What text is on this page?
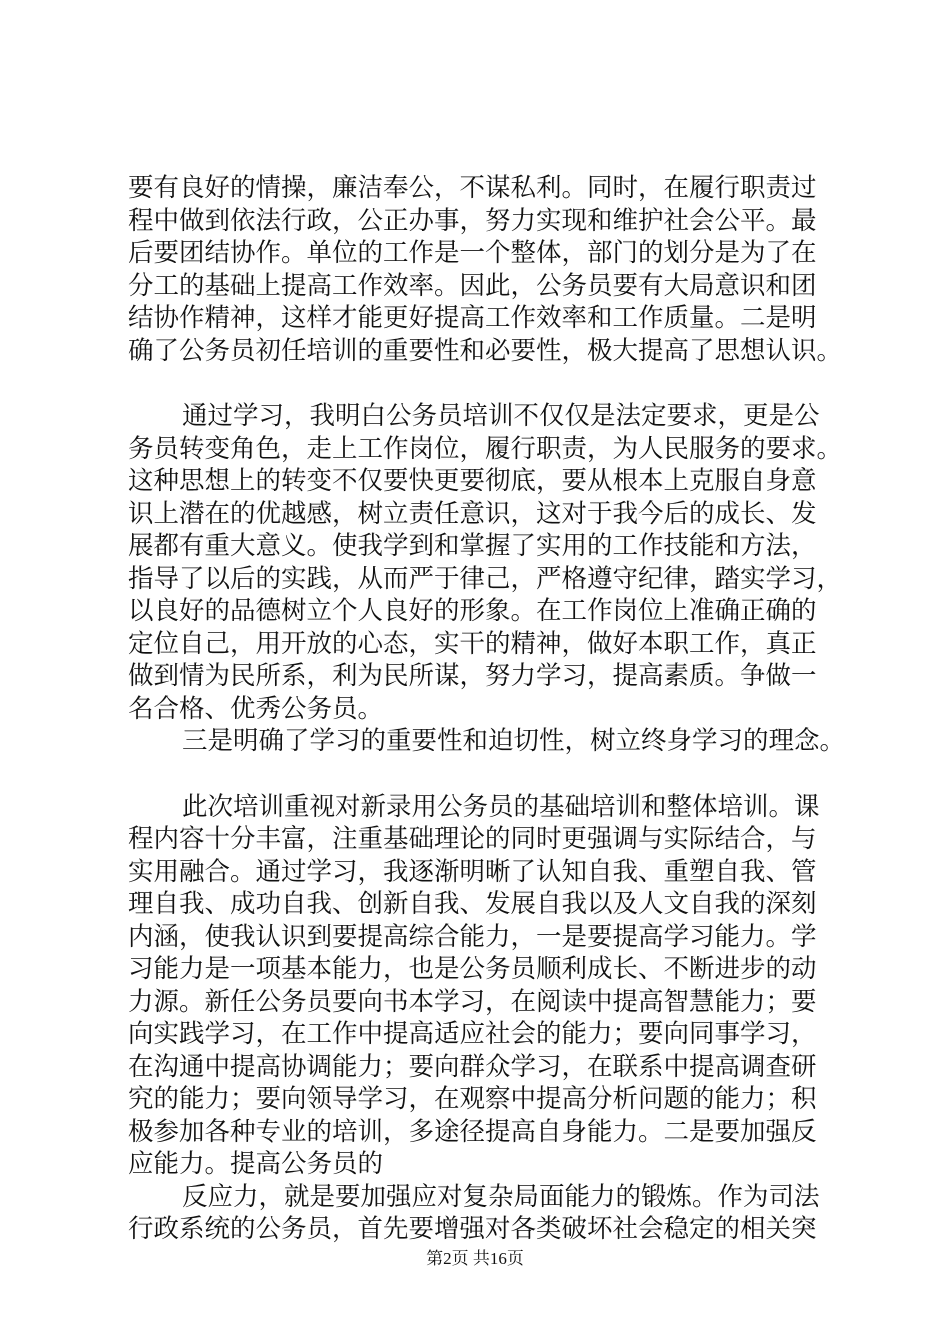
要有良好的情操，廉洁奉公，不谋私利。同时，在履行职责过
程中做到依法行政，公正办事，努力实现和维护社会公平。最
后要团结协作。单位的工作是一个整体，部门的划分是为了在
分工的基础上提高工作效率。因此，公务员要有大局意识和团
结协作精神，这样才能更好提高工作效率和工作质量。二是明
确了公务员初任培训的重要性和必要性，极大提高了思想认识。
通过学习，我明白公务员培训不仅仅是法定要求，更是公
务员转变角色，走上工作岗位，履行职责，为人民服务的要求。
这种思想上的转变不仅要快更要彻底，要从根本上克服自身意
识上潜在的优越感，树立责任意识，这对于我今后的成长、发
展都有重大意义。使我学到和掌握了实用的工作技能和方法，
指导了以后的实践，从而严于律己，严格遵守纪律，踏实学习，
以良好的品德树立个人良好的形象。在工作岗位上准确正确的
定位自己，用开放的心态，实干的精神，做好本职工作，真正
做到情为民所系，利为民所谋，努力学习，提高素质。争做一
名合格、优秀公务员。
三是明确了学习的重要性和迫切性，树立终身学习的理念。
此次培训重视对新录用公务员的基础培训和整体培训。课
程内容十分丰富，注重基础理论的同时更强调与实际结合，与
实用融合。通过学习，我逐渐明晰了认知自我、重塑自我、管
理自我、成功自我、创新自我、发展自我以及人文自我的深刻
内涵，使我认识到要提高综合能力，一是要提高学习能力。学
习能力是一项基本能力，也是公务员顺利成长、不断进步的动
力源。新任公务员要向书本学习，在阅读中提高智慧能力；要
向实践学习，在工作中提高适应社会的能力；要向同事学习，
在沟通中提高协调能力；要向群众学习，在联系中提高调查研
究的能力；要向领导学习，在观察中提高分析问题的能力；积
极参加各种专业的培训，多途径提高自身能力。二是要加强反
应能力。提高公务员的
反应力，就是要加强应对复杂局面能力的锻炼。作为司法
行政系统的公务员，首先要增强对各类破坏社会稳定的相关突
第2页 共16页
